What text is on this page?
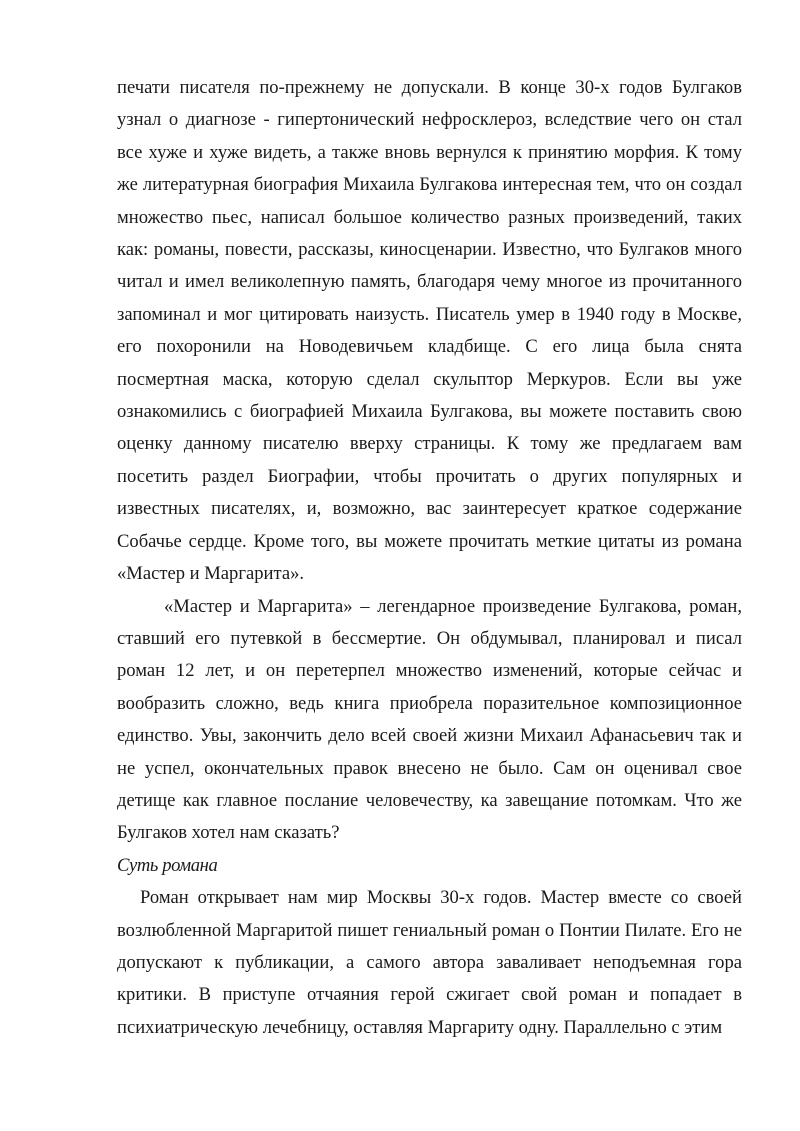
печати писателя по-прежнему не допускали. В конце 30-х годов Булгаков узнал о диагнозе - гипертонический нефросклероз, вследствие чего он стал все хуже и хуже видеть, а также вновь вернулся к принятию морфия. К тому же литературная биография Михаила Булгакова интересная тем, что он создал множество пьес, написал большое количество разных произведений, таких как: романы, повести, рассказы, киносценарии. Известно, что Булгаков много читал и имел великолепную память, благодаря чему многое из прочитанного запоминал и мог цитировать наизусть. Писатель умер в 1940 году в Москве, его похоронили на Новодевичьем кладбище. С его лица была снята посмертная маска, которую сделал скульптор Меркуров. Если вы уже ознакомились с биографией Михаила Булгакова, вы можете поставить свою оценку данному писателю вверху страницы. К тому же предлагаем вам посетить раздел Биографии, чтобы прочитать о других популярных и известных писателях, и, возможно, вас заинтересует краткое содержание Собачье сердце. Кроме того, вы можете прочитать меткие цитаты из романа «Мастер и Маргарита».

«Мастер и Маргарита» – легендарное произведение Булгакова, роман, ставший его путевкой в бессмертие. Он обдумывал, планировал и писал роман 12 лет, и он перетерпел множество изменений, которые сейчас и вообразить сложно, ведь книга приобрела поразительное композиционное единство. Увы, закончить дело всей своей жизни Михаил Афанасьевич так и не успел, окончательных правок внесено не было. Сам он оценивал свое детище как главное послание человечеству, ка завещание потомкам. Что же Булгаков хотел нам сказать?

Суть романа

Роман открывает нам мир Москвы 30-х годов. Мастер вместе со своей возлюбленной Маргаритой пишет гениальный роман о Понтии Пилате. Его не допускают к публикации, а самого автора заваливает неподъемная гора критики. В приступе отчаяния герой сжигает свой роман и попадает в психиатрическую лечебницу, оставляя Маргариту одну. Параллельно с этим
